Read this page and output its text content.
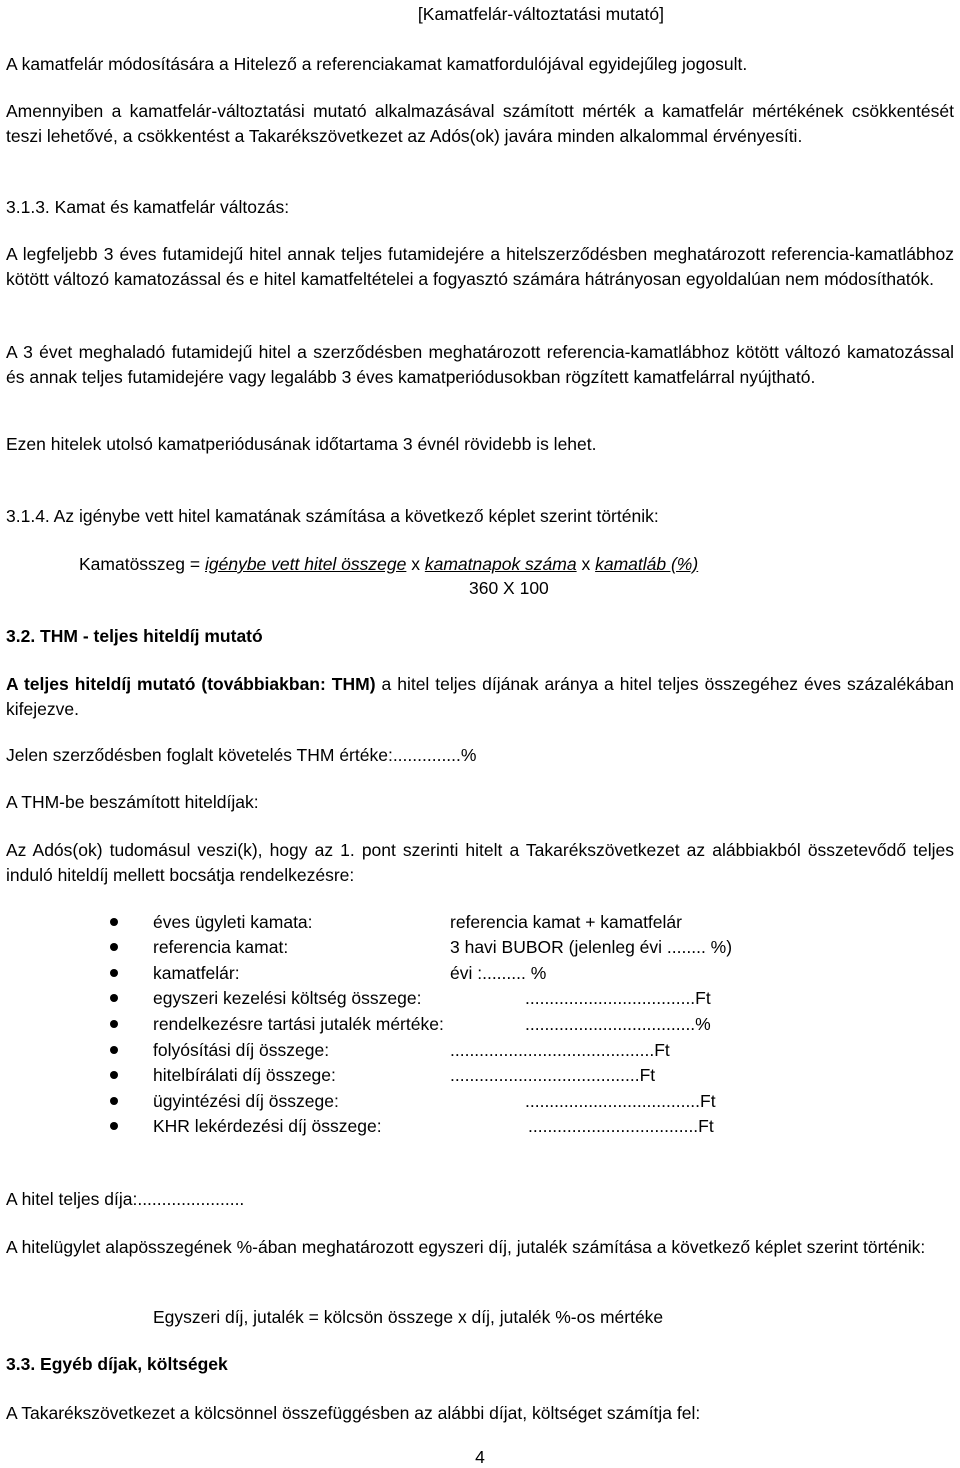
[Kamatfelár-változtatási mutató]
A kamatfelár módosítására a Hitelező a referenciakamat kamatfordulójával egyidejűleg jogosult.
Amennyiben a kamatfelár-változtatási mutató alkalmazásával számított mérték a kamatfelár mértékének csökkentését teszi lehetővé, a csökkentést a Takarékszövetkezet az Adós(ok) javára minden alkalommal érvényesíti.
3.1.3. Kamat és kamatfelár változás:
A legfeljebb 3 éves futamidejű hitel annak teljes futamidejére a hitelszerződésben meghatározott referencia-kamatlábhoz kötött változó kamatozással és e hitel kamatfeltételei a fogyasztó számára hátrányosan egyoldalúan nem módosíthatók.
A 3 évet meghaladó futamidejű hitel a szerződésben meghatározott referencia-kamatlábhoz kötött változó kamatozással és annak teljes futamidejére vagy legalább 3 éves kamatperiódusokban rögzített kamatfelárral nyújtható.
Ezen hitelek utolsó kamatperiódusának időtartama 3 évnél rövidebb is lehet.
3.1.4. Az igénybe vett hitel kamatának számítása a következő képlet szerint történik:
Kamatösszeg = igénybe vett hitel összege x kamatnapok száma x kamatláb (%)
360 X 100
3.2. THM - teljes hiteldíj mutató
A teljes hiteldíj mutató (továbbiakban: THM) a hitel teljes díjának aránya a hitel teljes összegéhez éves százalékában kifejezve.
Jelen szerződésben foglalt követelés THM értéke:..............%
A THM-be beszámított hiteldíjak:
Az Adós(ok) tudomásul veszi(k), hogy az 1. pont szerinti hitelt a Takarékszövetkezet az alábbiakból összetevődő teljes induló hiteldíj mellett bocsátja rendelkezésre:
éves ügyleti kamata:	referencia kamat + kamatfelár
referencia kamat:	3 havi BUBOR (jelenleg évi ........ %)
kamatfelár:	évi :......... %
egyszeri kezelési költség összege:	...................................Ft
rendelkezésre tartási jutalék mértéke:	...................................%
folyósítási díj összege:	..........................................Ft
hitelbírálati díj összege:	.......................................Ft
ügyintézési díj összege:	....................................Ft
KHR lekérdezési díj összege:	...................................Ft
A hitel teljes díja:......................
A hitelügylet alapösszegének %-ában meghatározott egyszeri díj, jutalék számítása a következő képlet szerint történik:
Egyszeri díj, jutalék = kölcsön összege x díj, jutalék %-os mértéke
3.3. Egyéb díjak, költségek
A Takarékszövetkezet a kölcsönnel összefüggésben az alábbi díjat, költséget számítja fel:
4
